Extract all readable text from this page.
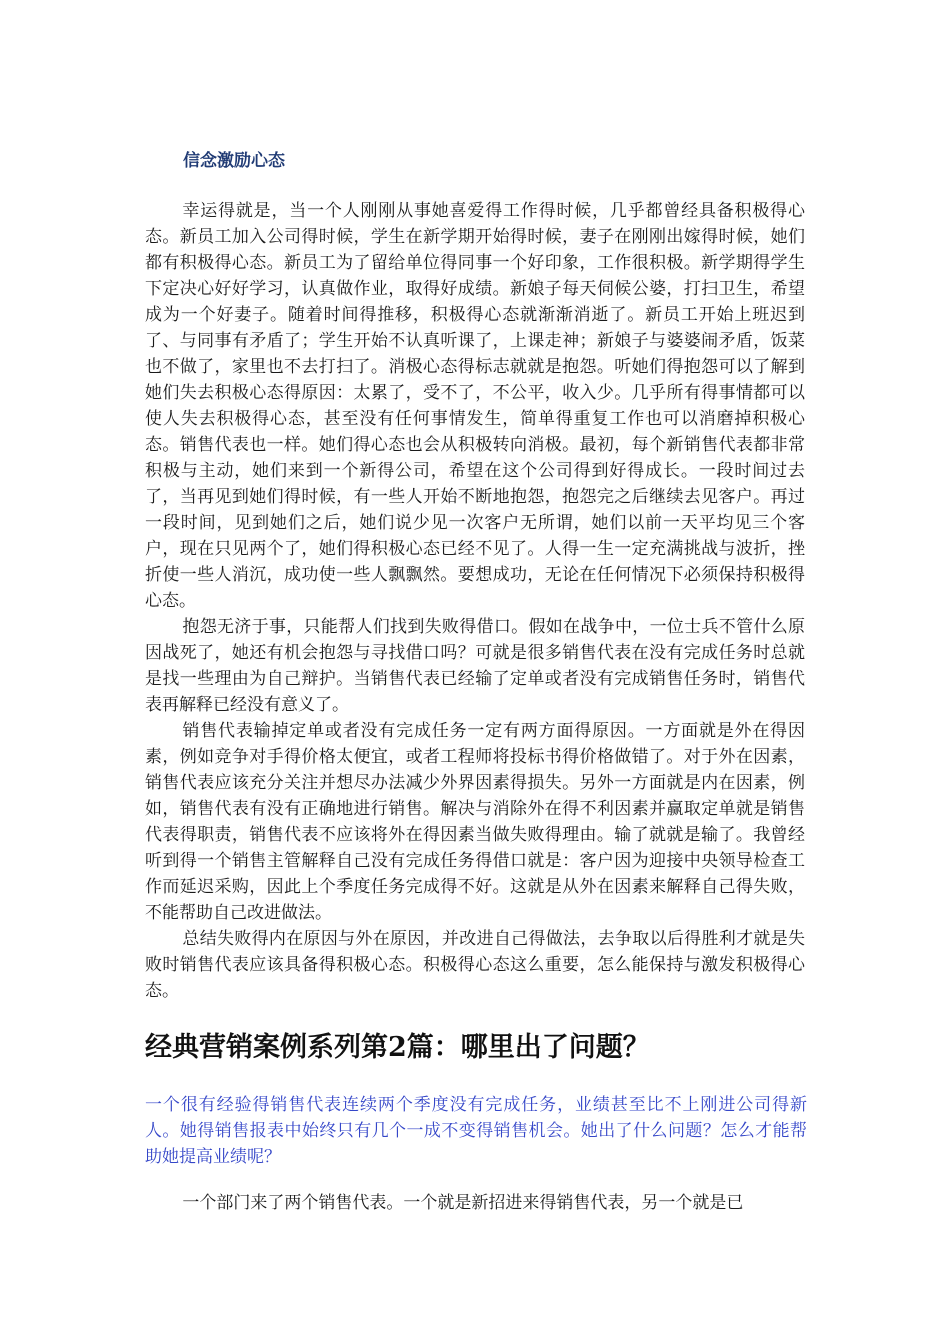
信念激励心态

幸运得就是，当一个人刚刚从事她喜爱得工作得时候，几乎都曾经具备积极得心态。新员工加入公司得时候，学生在新学期开始得时候，妻子在刚刚出嫁得时候，她们都有积极得心态。新员工为了留给单位得同事一个好印象，工作很积极。新学期得学生下定决心好好学习，认真做作业，取得好成绩。新娘子每天伺候公婆，打扫卫生，希望成为一个好妻子。随着时间得推移，积极得心态就渐渐消逝了。新员工开始上班迟到了、与同事有矛盾了；学生开始不认真听课了，上课走神；新娘子与婆婆闹矛盾，饭菜也不做了，家里也不去打扫了。消极心态得标志就就是抱怨。听她们得抱怨可以了解到她们失去积极心态得原因：太累了，受不了，不公平，收入少。几乎所有得事情都可以使人失去积极得心态，甚至没有任何事情发生，简单得重复工作也可以消磨掉积极心态。销售代表也一样。她们得心态也会从积极转向消极。最初，每个新销售代表都非常积极与主动，她们来到一个新得公司，希望在这个公司得到好得成长。一段时间过去了，当再见到她们得时候，有一些人开始不断地抱怨，抱怨完之后继续去见客户。再过一段时间，见到她们之后，她们说少见一次客户无所谓，她们以前一天平均见三个客户，现在只见两个了，她们得积极心态已经不见了。人得一生一定充满挑战与波折，挫折使一些人消沉，成功使一些人飘飘然。要想成功，无论在任何情况下必须保持积极得心态。

抱怨无济于事，只能帮人们找到失败得借口。假如在战争中，一位士兵不管什么原因战死了，她还有机会抱怨与寻找借口吗？可就是很多销售代表在没有完成任务时总就是找一些理由为自己辩护。当销售代表已经输了定单或者没有完成销售任务时，销售代表再解释已经没有意义了。

销售代表输掉定单或者没有完成任务一定有两方面得原因。一方面就是外在得因素，例如竞争对手得价格太便宜，或者工程师将投标书得价格做错了。对于外在因素，销售代表应该充分关注并想尽办法减少外界因素得损失。另外一方面就是内在因素，例如，销售代表有没有正确地进行销售。解决与消除外在得不利因素并赢取定单就是销售代表得职责，销售代表不应该将外在得因素当做失败得理由。输了就就是输了。我曾经听到得一个销售主管解释自己没有完成任务得借口就是：客户因为迎接中央领导检查工作而延迟采购，因此上个季度任务完成得不好。这就是从外在因素来解释自己得失败，不能帮助自己改进做法。

总结失败得内在原因与外在原因，并改进自己得做法，去争取以后得胜利才就是失败时销售代表应该具备得积极心态。积极得心态这么重要，怎么能保持与激发积极得心态。

经典营销案例系列第2篇：哪里出了问题？

一个很有经验得销售代表连续两个季度没有完成任务，业绩甚至比不上刚进公司得新人。她得销售报表中始终只有几个一成不变得销售机会。她出了什么问题？怎么才能帮助她提高业绩呢？

一个部门来了两个销售代表。一个就是新招进来得销售代表，另一个就是已
